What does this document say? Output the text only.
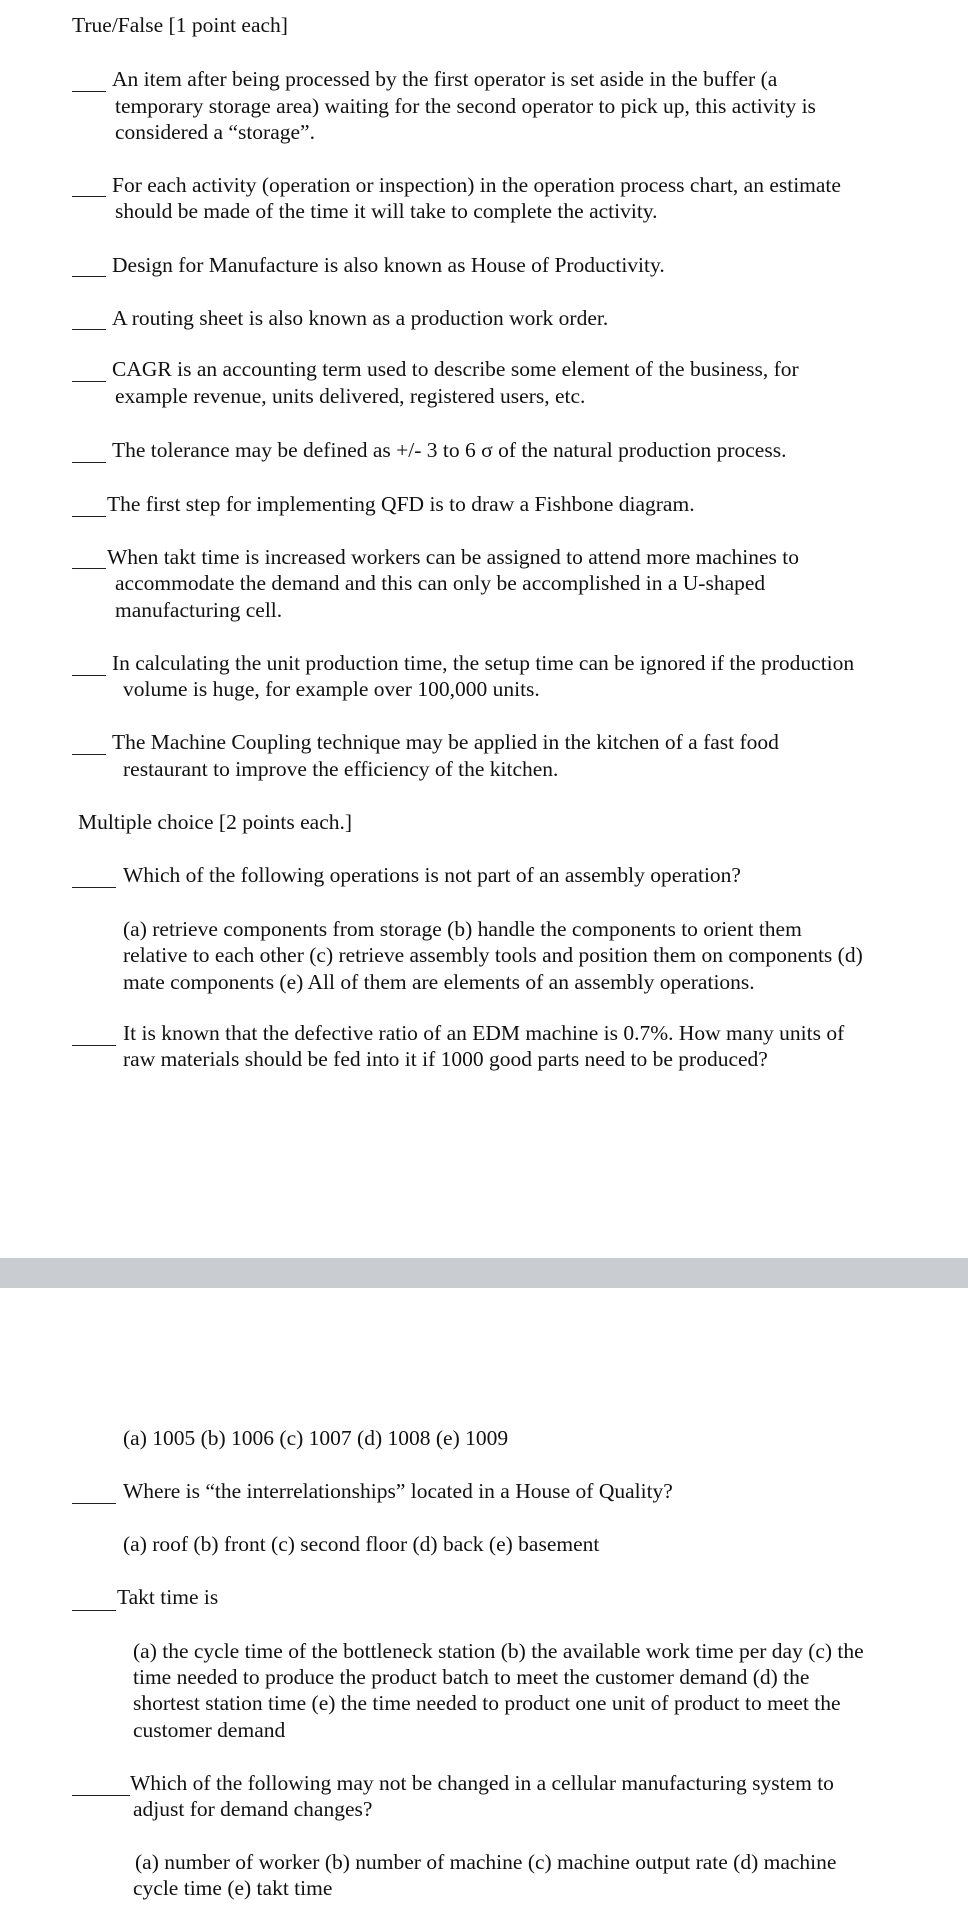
True/False [1 point each]

An item after being processed by the first operator is set aside in the buffer (a

temporary storage area) waiting for the second operator to pick up, this activity is

considered a “storage”.

For each activity (operation or inspection) in the operation process chart, an estimate

should be made of the time it will take to complete the activity.

Design for Manufacture is also known as House of Productivity.

A routing sheet is also known as a production work order.

CAGR is an accounting term used to describe some element of the business, for

example revenue, units delivered, registered users, etc.

The tolerance may be defined as +/- 3 to 6 σ of the natural production process.

The first step for implementing QFD is to draw a Fishbone diagram.

When takt time is increased workers can be assigned to attend more machines to

accommodate the demand and this can only be accomplished in a U-shaped

manufacturing cell.

In calculating the unit production time, the setup time can be ignored if the production

volume is huge, for example over 100,000 units.

The Machine Coupling technique may be applied in the kitchen of a fast food

restaurant to improve the efficiency of the kitchen.

Multiple choice [2 points each.]

Which of the following operations is not part of an assembly operation?

(a) retrieve components from storage (b) handle the components to orient them

relative to each other (c) retrieve assembly tools and position them on components (d)

mate components (e) All of them are elements of an assembly operations.

It is known that the defective ratio of an EDM machine is 0.7%. How many units of

raw materials should be fed into it if 1000 good parts need to be produced?

(a) 1005 (b) 1006 (c) 1007 (d) 1008 (e) 1009

Where is “the interrelationships” located in a House of Quality?

(a) roof (b) front (c) second floor (d) back (e) basement

Takt time is

(a) the cycle time of the bottleneck station (b) the available work time per day (c) the

time needed to produce the product batch to meet the customer demand (d) the

shortest station time (e) the time needed to product one unit of product to meet the

customer demand

Which of the following may not be changed in a cellular manufacturing system to

adjust for demand changes?

(a) number of worker (b) number of machine (c) machine output rate (d) machine

cycle time (e) takt time
